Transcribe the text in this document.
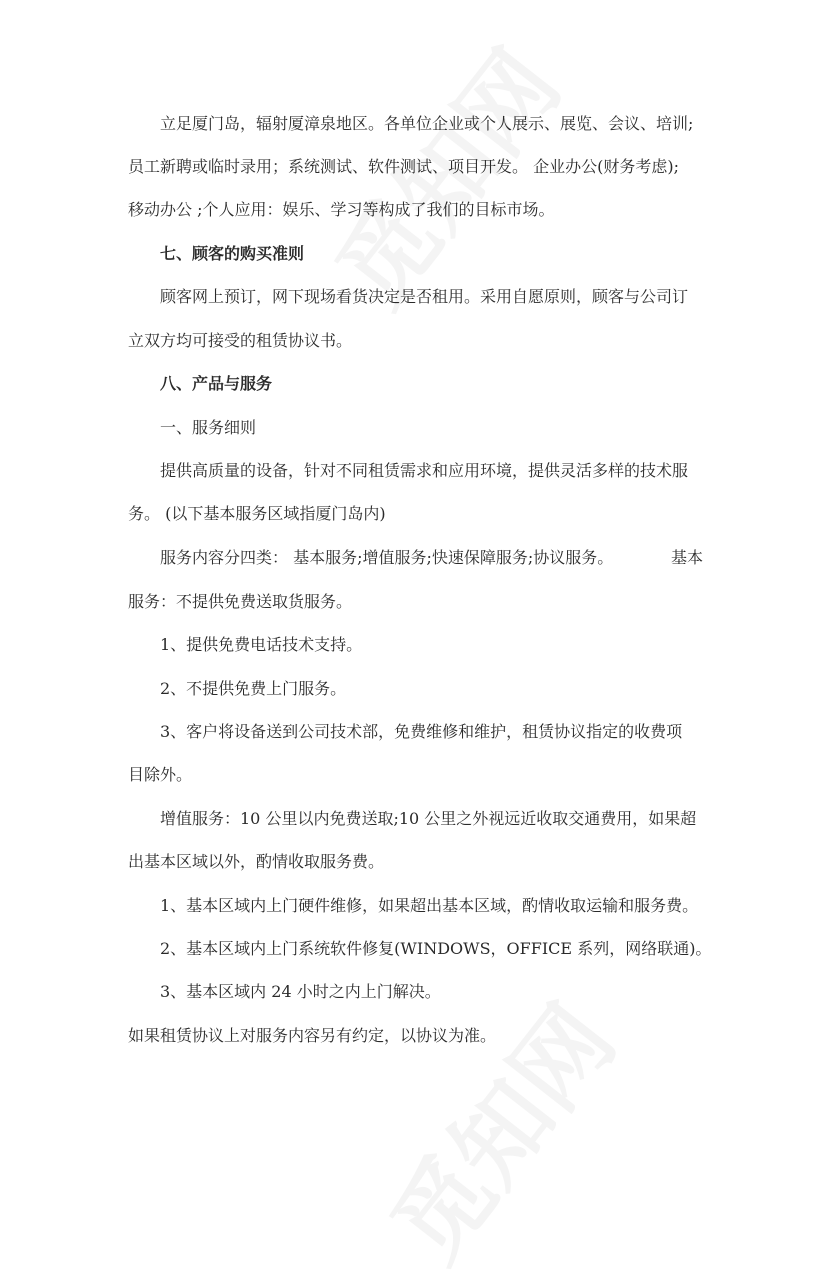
立足厦门岛，辐射厦漳泉地区。各单位企业或个人展示、展览、会议、培训;
员工新聘或临时录用；系统测试、软件测试、项目开发。 企业办公(财务考虑);
移动办公 ;个人应用：娱乐、学习等构成了我们的目标市场。
七、顾客的购买准则
顾客网上预订，网下现场看货决定是否租用。采用自愿原则，顾客与公司订
立双方均可接受的租赁协议书。
八、产品与服务
一、服务细则
提供高质量的设备，针对不同租赁需求和应用环境，提供灵活多样的技术服
务。 (以下基本服务区域指厦门岛内)
服务内容分四类： 基本服务;增值服务;快速保障服务;协议服务。	基本
服务：不提供免费送取货服务。
1、提供免费电话技术支持。
2、不提供免费上门服务。
3、客户将设备送到公司技术部，免费维修和维护，租赁协议指定的收费项
目除外。
增值服务：10 公里以内免费送取;10 公里之外视远近收取交通费用，如果超
出基本区域以外，酌情收取服务费。
1、基本区域内上门硬件维修，如果超出基本区域，酌情收取运输和服务费。
2、基本区域内上门系统软件修复(WINDOWS，OFFICE 系列，网络联通)。
3、基本区域内 24 小时之内上门解决。
如果租赁协议上对服务内容另有约定，以协议为准。
